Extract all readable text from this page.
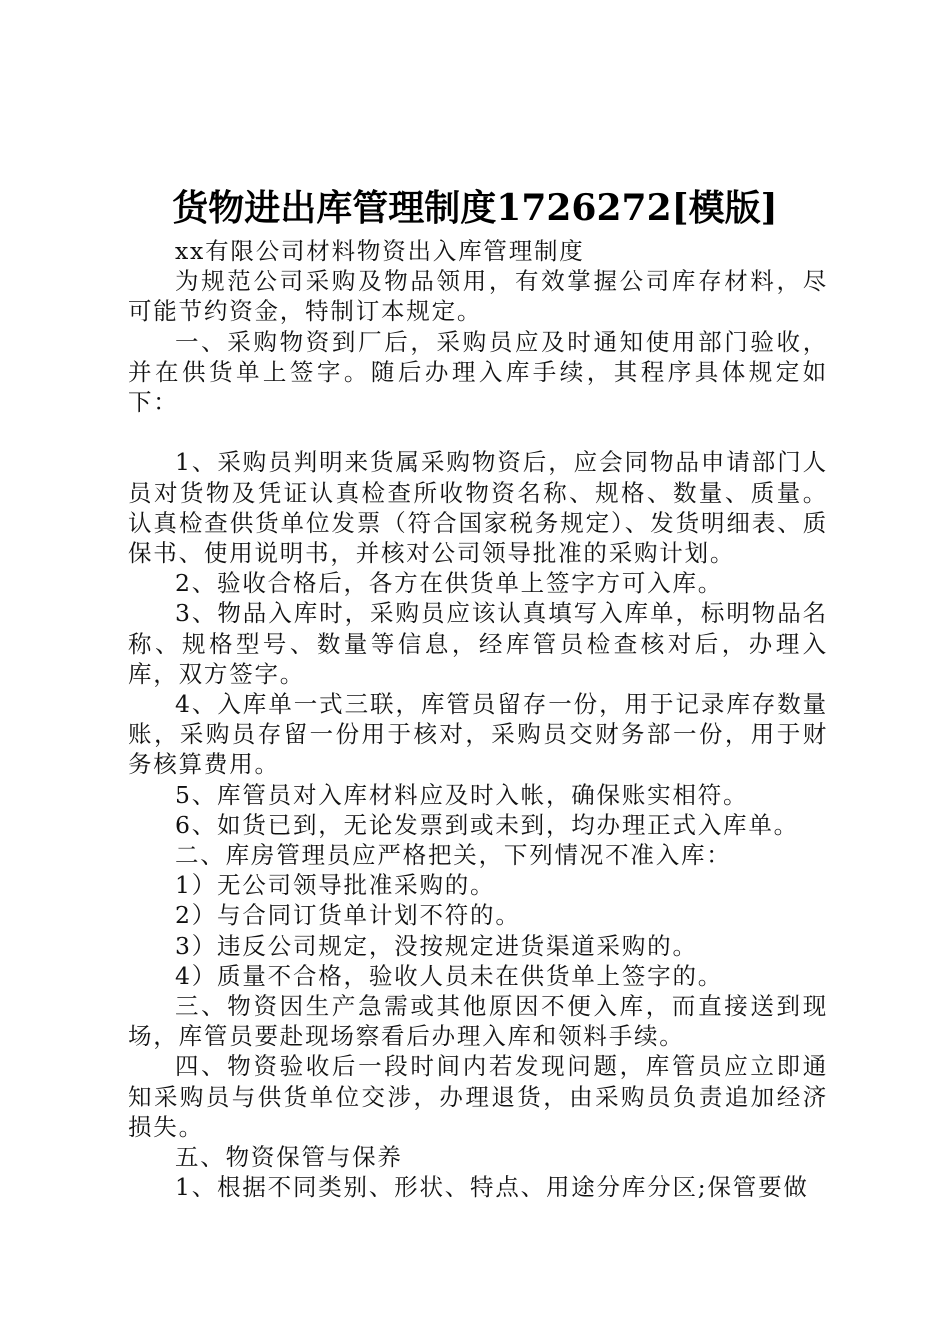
货物进出库管理制度1726272[模版]

xx有限公司材料物资出入库管理制度

为规范公司采购及物品领用，有效掌握公司库存材料，尽可能节约资金，特制订本规定。

一、采购物资到厂后，采购员应及时通知使用部门验收，并在供货单上签字。随后办理入库手续，其程序具体规定如下：

1、采购员判明来货属采购物资后，应会同物品申请部门人员对货物及凭证认真检查所收物资名称、规格、数量、质量。认真检查供货单位发票（符合国家税务规定）、发货明细表、质保书、使用说明书，并核对公司领导批准的采购计划。

2、验收合格后，各方在供货单上签字方可入库。

3、物品入库时，采购员应该认真填写入库单，标明物品名称、规格型号、数量等信息，经库管员检查核对后，办理入库，双方签字。

4、入库单一式三联，库管员留存一份，用于记录库存数量账，采购员存留一份用于核对，采购员交财务部一份，用于财务核算费用。

5、库管员对入库材料应及时入帐，确保账实相符。

6、如货已到，无论发票到或未到，均办理正式入库单。

二、库房管理员应严格把关，下列情况不准入库：

1）无公司领导批准采购的。

2）与合同订货单计划不符的。

3）违反公司规定，没按规定进货渠道采购的。

4）质量不合格，验收人员未在供货单上签字的。

三、物资因生产急需或其他原因不便入库，而直接送到现场，库管员要赴现场察看后办理入库和领料手续。

四、物资验收后一段时间内若发现问题，库管员应立即通知采购员与供货单位交涉，办理退货，由采购员负责追加经济损失。

五、物资保管与保养

1、根据不同类别、形状、特点、用途分库分区;保管要做
